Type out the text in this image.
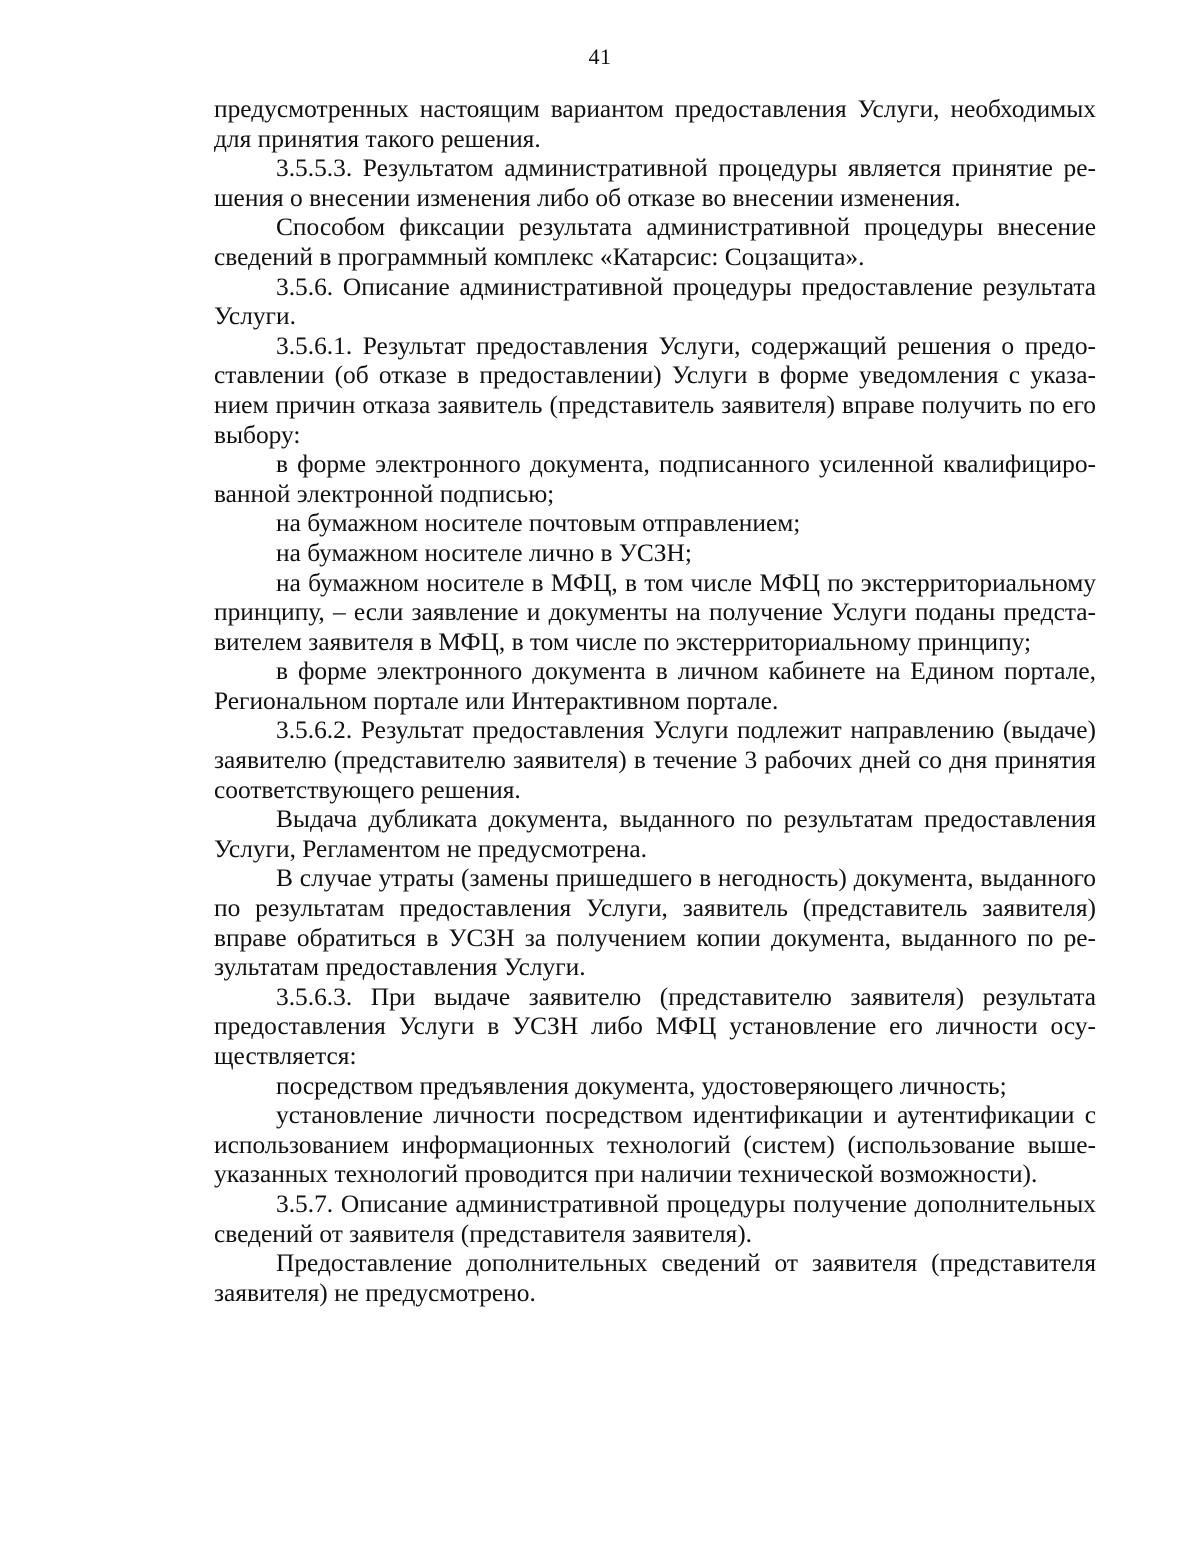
41

предусмотренных настоящим вариантом предоставления Услуги, необходимых для принятия такого решения.

3.5.5.3. Результатом административной процедуры является принятие решения о внесении изменения либо об отказе во внесении изменения.

Способом фиксации результата административной процедуры внесение сведений в программный комплекс «Катарсис: Соцзащита».

3.5.6. Описание административной процедуры предоставление результата Услуги.

3.5.6.1. Результат предоставления Услуги, содержащий решения о предоставлении (об отказе в предоставлении) Услуги в форме уведомления с указанием причин отказа заявитель (представитель заявителя) вправе получить по его выбору:

в форме электронного документа, подписанного усиленной квалифицированной электронной подписью;

на бумажном носителе почтовым отправлением;

на бумажном носителе лично в УСЗН;

на бумажном носителе в МФЦ, в том числе МФЦ по экстерриториальному принципу, – если заявление и документы на получение Услуги поданы представителем заявителя в МФЦ, в том числе по экстерриториальному принципу;

в форме электронного документа в личном кабинете на Едином портале, Региональном портале или Интерактивном портале.

3.5.6.2. Результат предоставления Услуги подлежит направлению (выдаче) заявителю (представителю заявителя) в течение 3 рабочих дней со дня принятия соответствующего решения.

Выдача дубликата документа, выданного по результатам предоставления Услуги, Регламентом не предусмотрена.

В случае утраты (замены пришедшего в негодность) документа, выданного по результатам предоставления Услуги, заявитель (представитель заявителя) вправе обратиться в УСЗН за получением копии документа, выданного по результатам предоставления Услуги.

3.5.6.3. При выдаче заявителю (представителю заявителя) результата предоставления Услуги в УСЗН либо МФЦ установление его личности осуществляется:

посредством предъявления документа, удостоверяющего личность;

установление личности посредством идентификации и аутентификации с использованием информационных технологий (систем) (использование вышеуказанных технологий проводится при наличии технической возможности).

3.5.7. Описание административной процедуры получение дополнительных сведений от заявителя (представителя заявителя).

Предоставление дополнительных сведений от заявителя (представителя заявителя) не предусмотрено.
